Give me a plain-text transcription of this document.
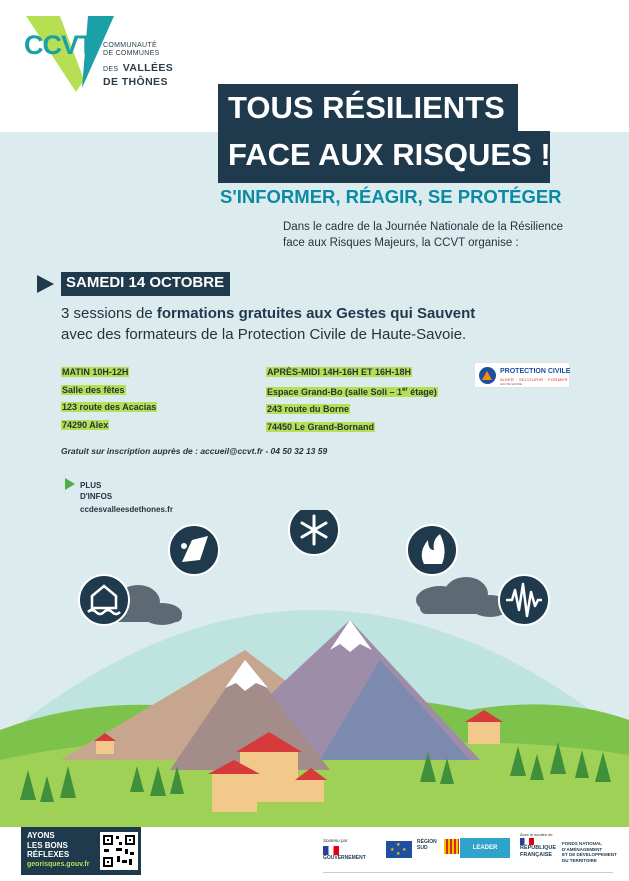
CCVT COMMUNAUTÉ
DE COMMUNES
DES VALLÉES
DE THÔNES
FACE AUX RISQUES !
TOUS RÉSILIENTS
S'INFORMER, RÉAGIR, SE PROTÉGER
Dans le cadre de la Journée Nationale de la Résilience
face aux Risques Majeurs, la CCVT organise :
SAMEDI 14 OCTOBRE
3 sessions de formations gratuites aux Gestes qui Sauvent
avec des formateurs de la Protection Civile de Haute-Savoie.
MATIN 10H-12H
Salle des fêtes
123 route des Acacias
74290 Alex
APRÈS-MIDI 14H-16H ET 16H-18H
Espace Grand-Bo (salle Soli – 1er étage)
243 route du Borne
74450 Le Grand-Bornand
PROTECTION CIVILE
AIDER · SECOURIR · FORMER
HAUTE-SAVOIE
Gratuit sur inscription auprès de : accueil@ccvt.fr - 04 50 32 13 59
PLUS
D'INFOS
ccdesvalleesdethones.fr
AYONS
LES BONS
RÉFLEXES
georisques.gouv.fr
Soutenu par
GOUVERNEMENT
★
★ ★
★
RÉGION
SUD	LEADER
Avec le soutien de
RÉPUBLIQUE
FRANÇAISE
FONDS NATIONAL
D'AMÉNAGEMENT
ET DE DÉVELOPPEMENT
DU TERRITOIRE
